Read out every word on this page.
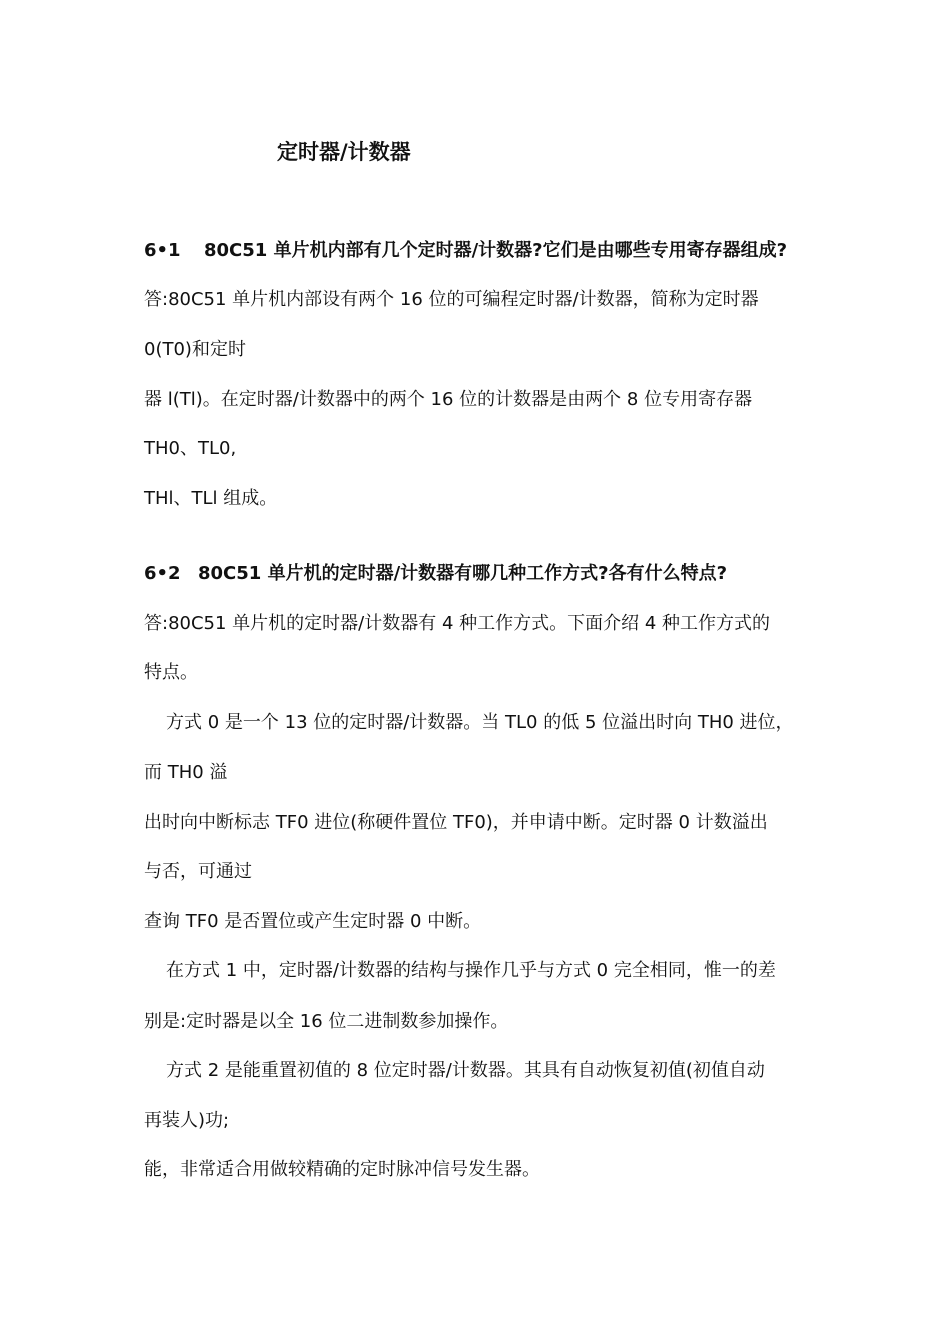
定时器/计数器
6•1 80C51 单片机内部有几个定时器/计数器?它们是由哪些专用寄存器组成?
答:80C51 单片机内部设有两个 16 位的可编程定时器/计数器，简称为定时器
0(T0)和定时
器 l(Tl)。在定时器/计数器中的两个 16 位的计数器是由两个 8 位专用寄存器
TH0、TL0,
THl、TLl 组成。
6•2 80C51 单片机的定时器/计数器有哪几种工作方式?各有什么特点?
答:80C51 单片机的定时器/计数器有 4 种工作方式。下面介绍 4 种工作方式的
特点。
方式 0 是一个 13 位的定时器/计数器。当 TL0 的低 5 位溢出时向 TH0 进位，
而 TH0 溢
出时向中断标志 TF0 进位(称硬件置位 TF0)，并申请中断。定时器 0 计数溢出
与否，可通过
查询 TF0 是否置位或产生定时器 0 中断。
在方式 1 中，定时器/计数器的结构与操作几乎与方式 0 完全相同，惟一的差
别是:定时器是以全 16 位二进制数参加操作。
方式 2 是能重置初值的 8 位定时器/计数器。其具有自动恢复初值(初值自动
再装人)功;
能，非常适合用做较精确的定时脉冲信号发生器。
